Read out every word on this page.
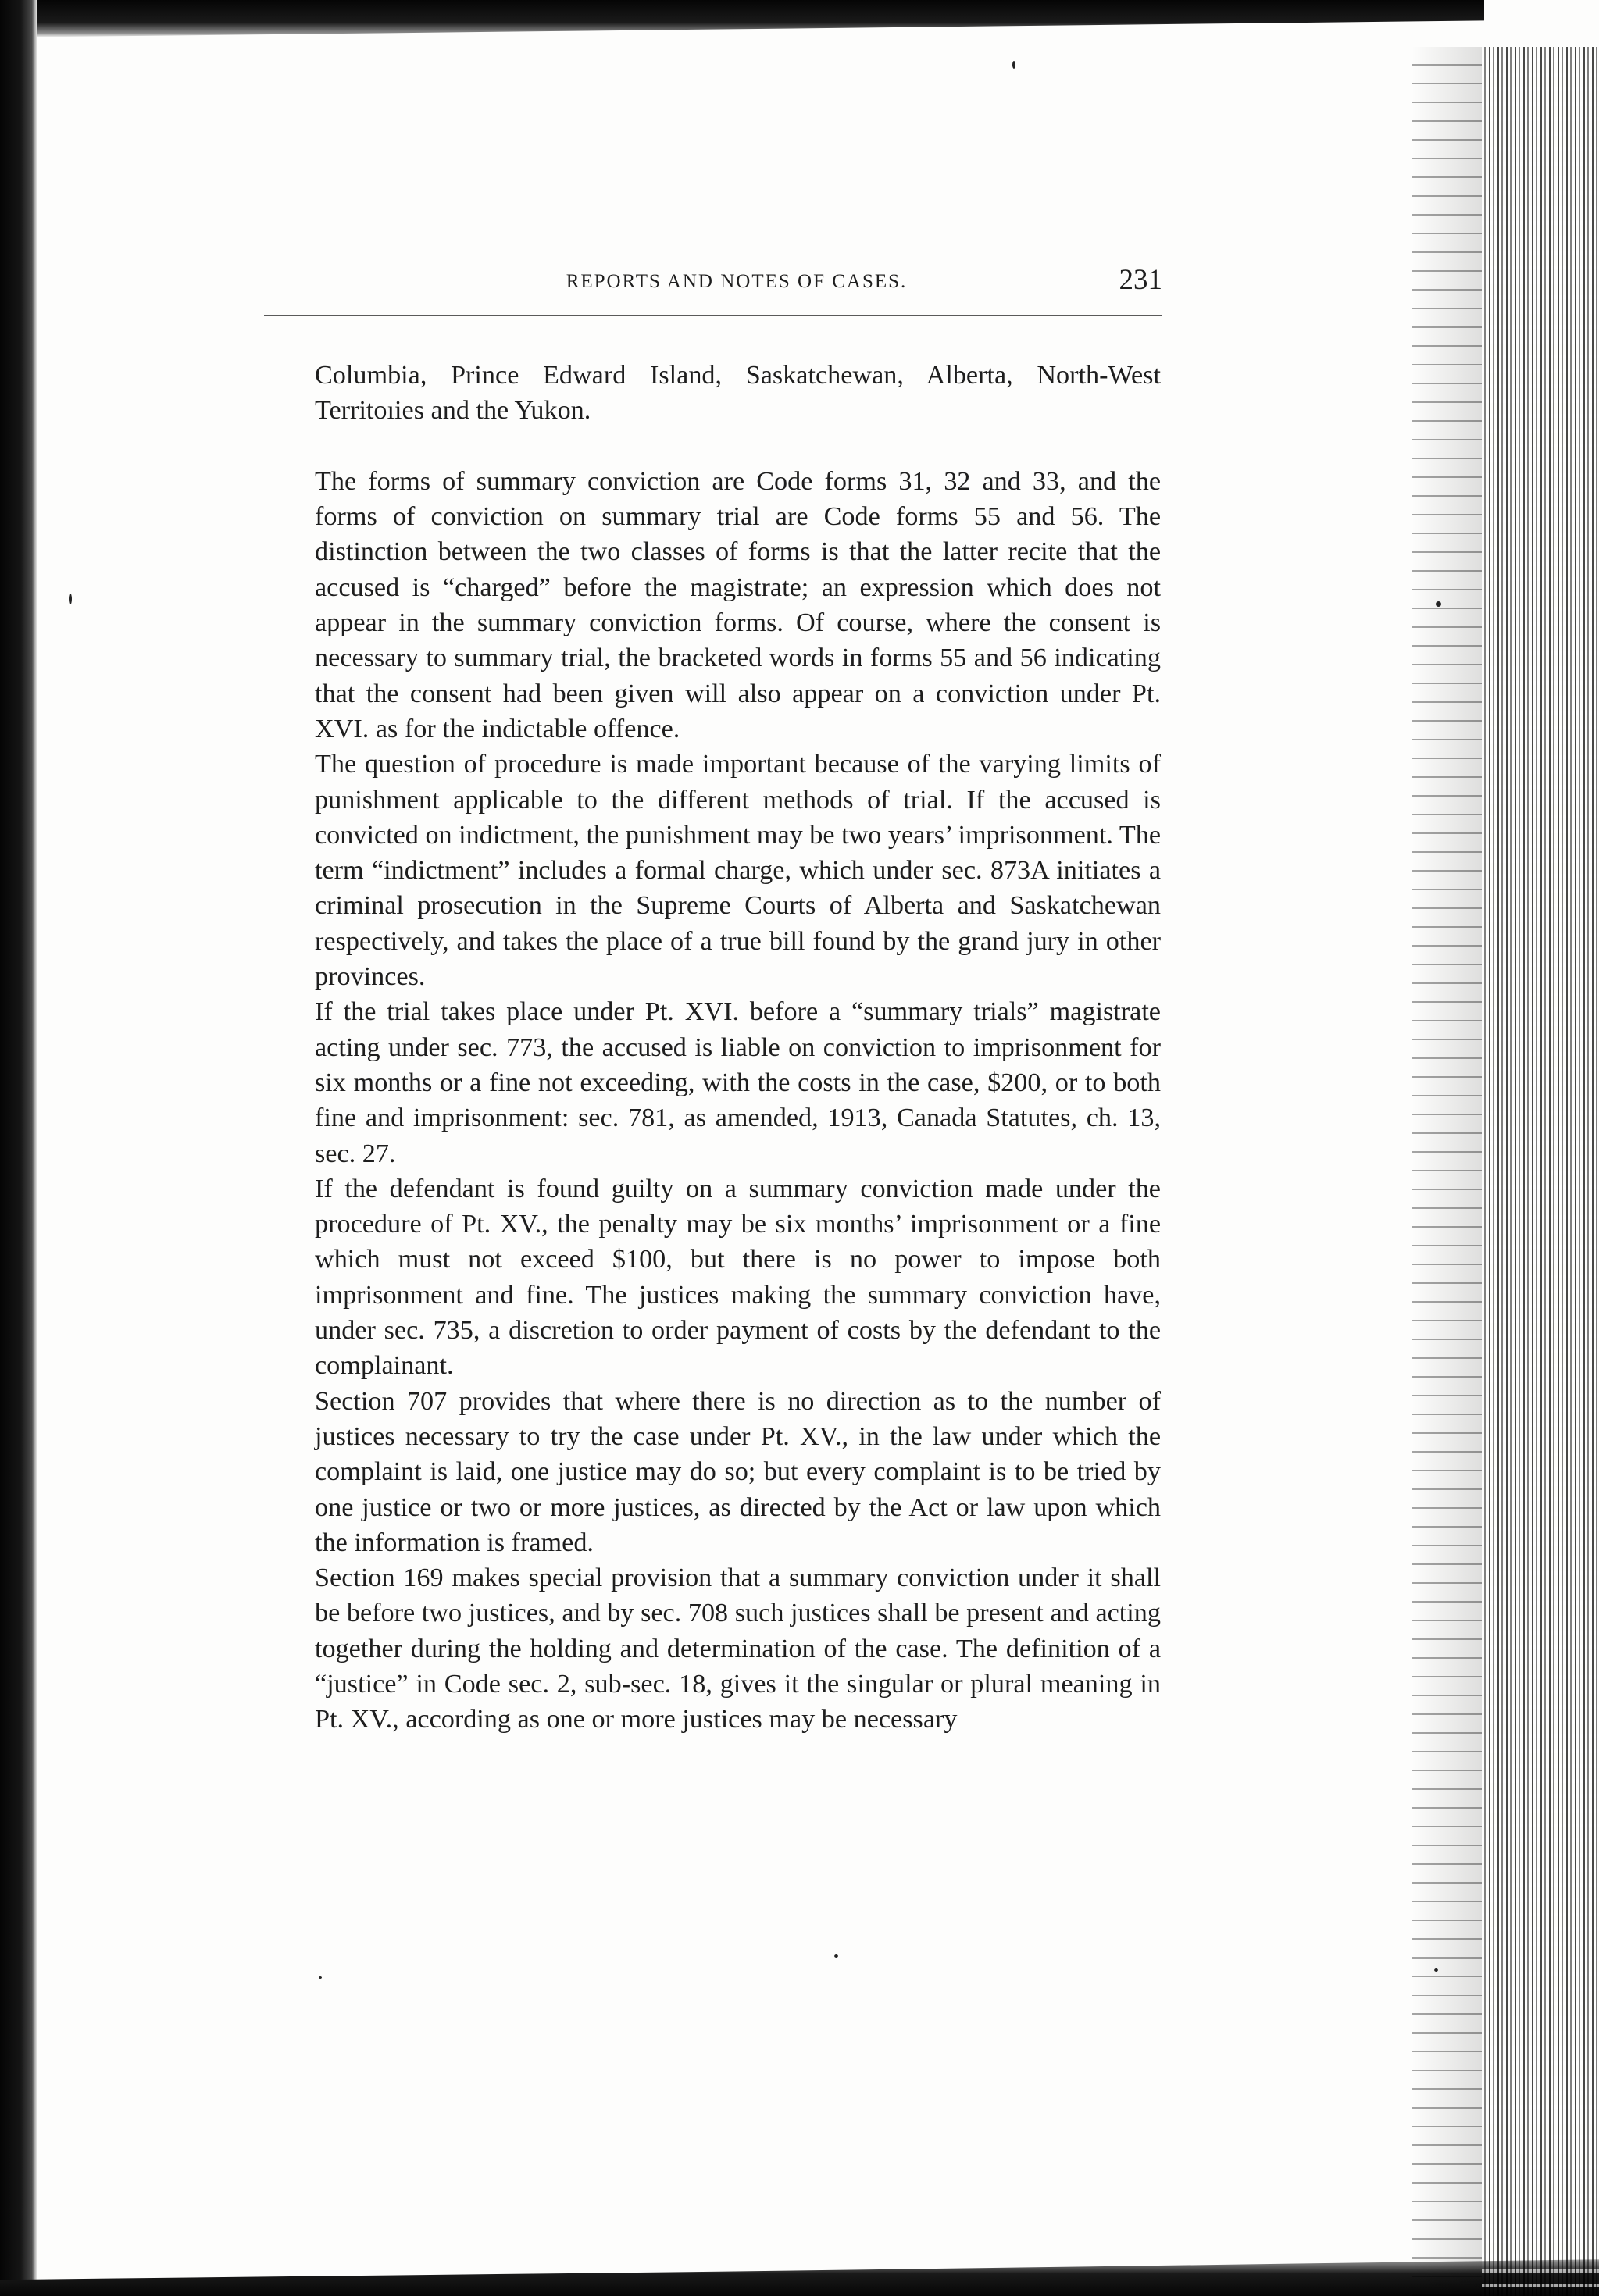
REPORTS AND NOTES OF CASES.	231

Columbia, Prince Edward Island, Saskatchewan, Alberta, North-West Territoıies and the Yukon.

The forms of summary conviction are Code forms 31, 32 and 33, and the forms of conviction on summary trial are Code forms 55 and 56. The distinction between the two classes of forms is that the latter recite that the accused is “charged” before the magistrate; an expression which does not appear in the summary conviction forms. Of course, where the consent is necessary to summary trial, the bracketed words in forms 55 and 56 indicating that the consent had been given will also appear on a conviction under Pt. XVI. as for the indictable offence.

The question of procedure is made important because of the varying limits of punishment applicable to the different methods of trial. If the accused is convicted on indictment, the punishment may be two years’ imprisonment. The term “indictment” includes a formal charge, which under sec. 873A initiates a criminal prosecution in the Supreme Courts of Alberta and Saskatchewan respectively, and takes the place of a true bill found by the grand jury in other provinces.

If the trial takes place under Pt. XVI. before a “summary trials” magistrate acting under sec. 773, the accused is liable on conviction to imprisonment for six months or a fine not exceeding, with the costs in the case, $200, or to both fine and imprisonment: sec. 781, as amended, 1913, Canada Statutes, ch. 13, sec. 27.

If the defendant is found guilty on a summary conviction made under the procedure of Pt. XV., the penalty may be six months’ imprisonment or a fine which must not exceed $100, but there is no power to impose both imprisonment and fine. The justices making the summary conviction have, under sec. 735, a discretion to order payment of costs by the defendant to the complainant.

Section 707 provides that where there is no direction as to the number of justices necessary to try the case under Pt. XV., in the law under which the complaint is laid, one justice may do so; but every complaint is to be tried by one justice or two or more justices, as directed by the Act or law upon which the information is framed.

Section 169 makes special provision that a summary conviction under it shall be before two justices, and by sec. 708 such justices shall be present and acting together during the holding and determination of the case. The definition of a “justice” in Code sec. 2, sub-sec. 18, gives it the singular or plural meaning in Pt. XV., according as one or more justices may be necessary
